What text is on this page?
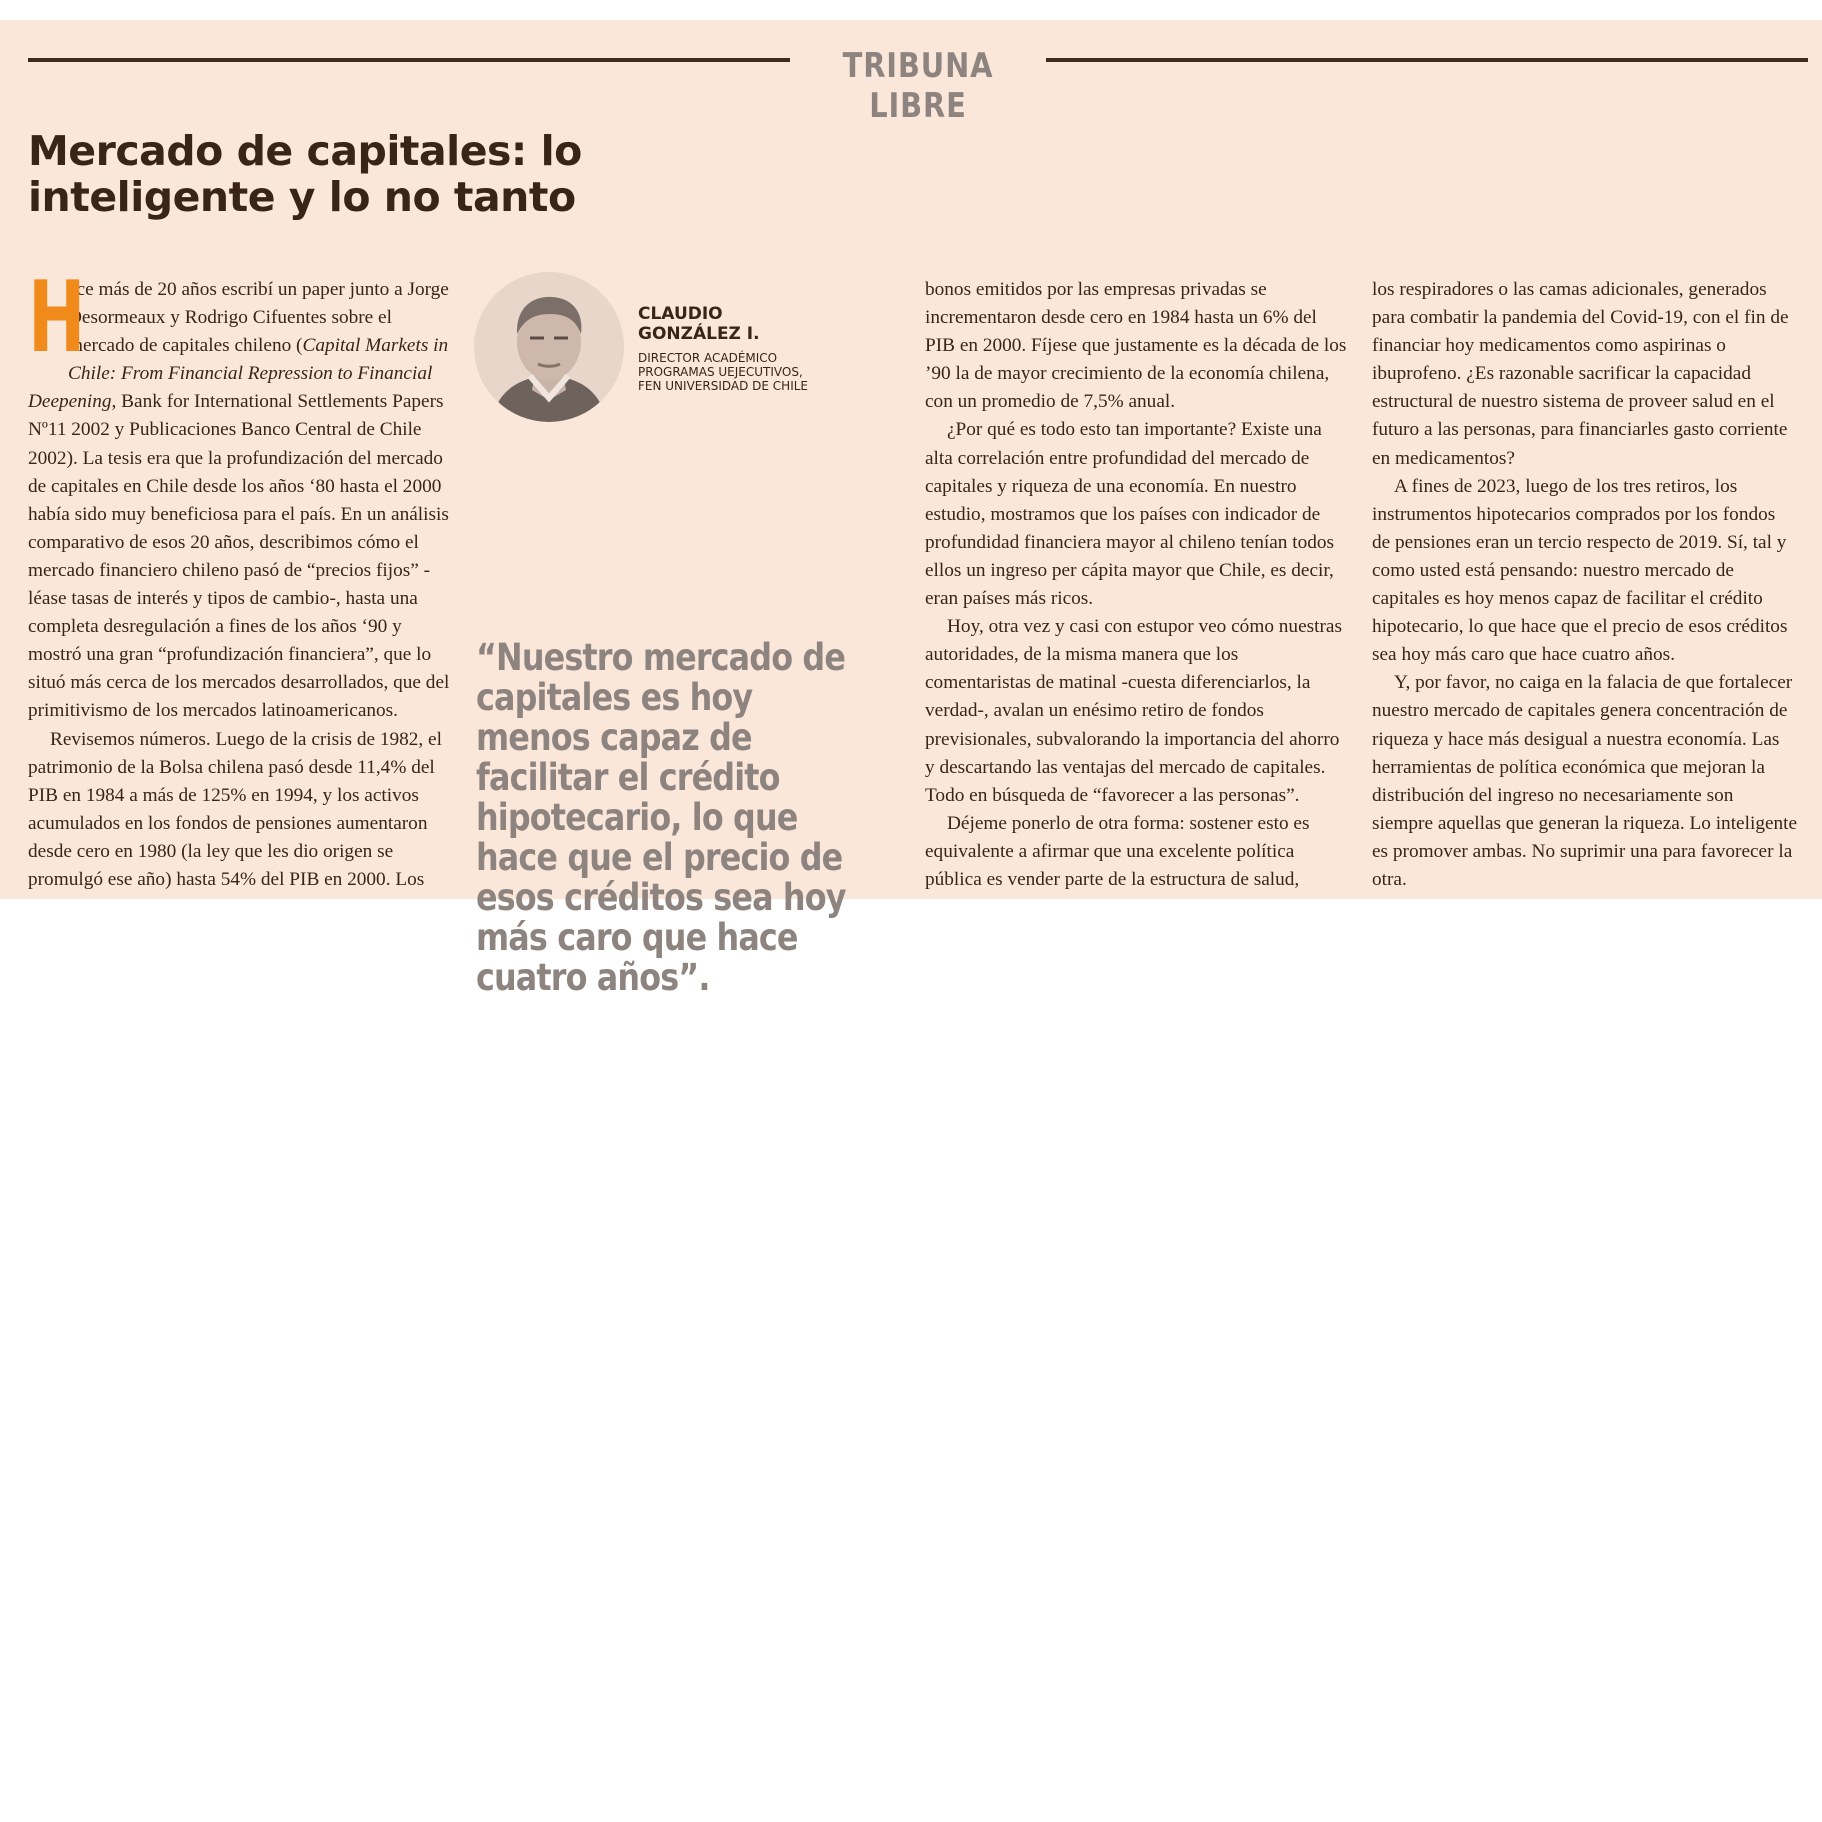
TRIBUNA LIBRE
Mercado de capitales: lo inteligente y lo no tanto

H
ace más de 20 años escribí un paper junto a Jorge Desormeaux y Rodrigo Cifuentes sobre el mercado de capitales chileno (Capital Markets in Chile: From Financial Repression to Financial Deepening, Bank for International Settlements Papers Nº11 2002 y Publicaciones Banco Central de Chile 2002). La tesis era que la profundización del mercado de capitales en Chile desde los años ‘80 hasta el 2000 había sido muy beneficiosa para el país. En un análisis comparativo de esos 20 años, describimos cómo el mercado financiero chileno pasó de “precios fijos” -léase tasas de interés y tipos de cambio-, hasta una completa desregulación a fines de los años ‘90 y mostró una gran “profundización financiera”, que lo situó más cerca de los mercados desarrollados, que del primitivismo de los mercados latinoamericanos.

Revisemos números. Luego de la crisis de 1982, el patrimonio de la Bolsa chilena pasó desde 11,4% del PIB en 1984 a más de 125% en 1994, y los activos acumulados en los fondos de pensiones aumentaron desde cero en 1980 (la ley que les dio origen se promulgó ese año) hasta 54% del PIB en 2000. Los

CLAUDIO
GONZÁLEZ I.
DIRECTOR ACADÉMICO
PROGRAMAS UEJECUTIVOS,
FEN UNIVERSIDAD DE CHILE
“Nuestro mercado de capitales es hoy menos capaz de facilitar el crédito hipotecario, lo que hace que el precio de esos créditos sea hoy más caro que hace cuatro años”.

bonos emitidos por las empresas privadas se incrementaron desde cero en 1984 hasta un 6% del PIB en 2000. Fíjese que justamente es la década de los ’90 la de mayor crecimiento de la economía chilena, con un promedio de 7,5% anual.

¿Por qué es todo esto tan importante? Existe una alta correlación entre profundidad del mercado de capitales y riqueza de una economía. En nuestro estudio, mostramos que los países con indicador de profundidad financiera mayor al chileno tenían todos ellos un ingreso per cápita mayor que Chile, es decir, eran países más ricos.

Hoy, otra vez y casi con estupor veo cómo nuestras autoridades, de la misma manera que los comentaristas de matinal -cuesta diferenciarlos, la verdad-, avalan un enésimo retiro de fondos previsionales, subvalorando la importancia del ahorro y descartando las ventajas del mercado de capitales. Todo en búsqueda de “favorecer a las personas”.

Déjeme ponerlo de otra forma: sostener esto es equivalente a afirmar que una excelente política pública es vender parte de la estructura de salud,

los respiradores o las camas adicionales, generados para combatir la pandemia del Covid-19, con el fin de financiar hoy medicamentos como aspirinas o ibuprofeno. ¿Es razonable sacrificar la capacidad estructural de nuestro sistema de proveer salud en el futuro a las personas, para financiarles gasto corriente en medicamentos?

A fines de 2023, luego de los tres retiros, los instrumentos hipotecarios comprados por los fondos de pensiones eran un tercio respecto de 2019. Sí, tal y como usted está pensando: nuestro mercado de capitales es hoy menos capaz de facilitar el crédito hipotecario, lo que hace que el precio de esos créditos sea hoy más caro que hace cuatro años.

Y, por favor, no caiga en la falacia de que fortalecer nuestro mercado de capitales genera concentración de riqueza y hace más desigual a nuestra economía. Las herramientas de política económica que mejoran la distribución del ingreso no necesariamente son siempre aquellas que generan la riqueza. Lo inteligente es promover ambas. No suprimir una para favorecer la otra.
